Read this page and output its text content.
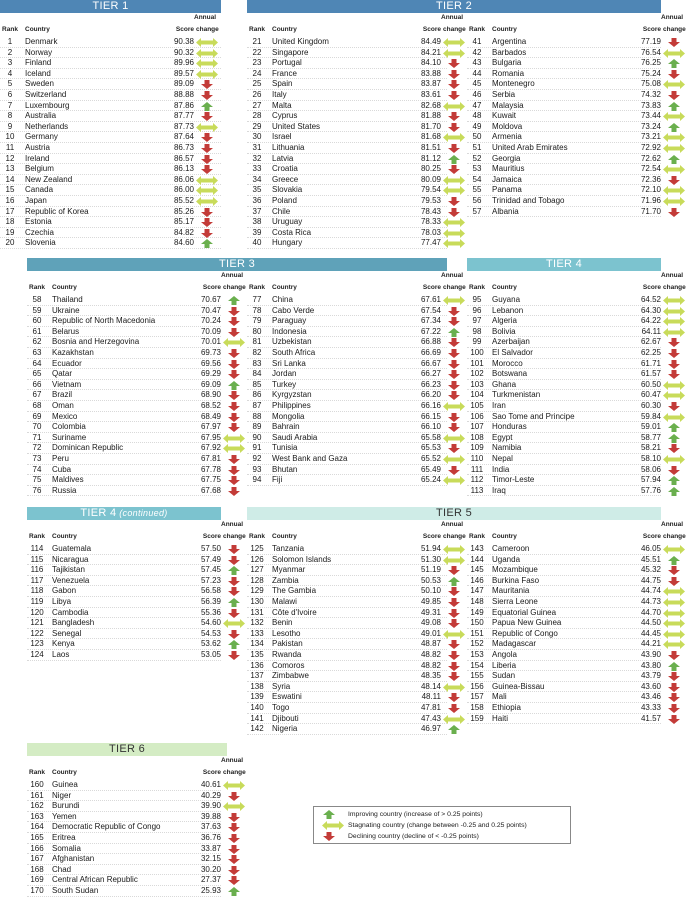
TIER 1
Annual
Rank	Country	Score change
1	Denmark	90.38
2	Norway	90.32
3	Finland	89.96
4	Iceland	89.57
5	Sweden	89.09
6	Switzerland	88.88
7	Luxembourg	87.86
8	Australia	87.77
9	Netherlands	87.73
10	Germany	87.64
11	Austria	86.73
12	Ireland	86.57
13	Belgium	86.13
14	New Zealand	86.06
15	Canada	86.00
16	Japan	85.52
17	Republic of Korea	85.26
18	Estonia	85.17
19	Czechia	84.82
20	Slovenia	84.60
TIER 2
Annual
Rank	Country	Score change
21	United Kingdom	84.49
22	Singapore	84.21
23	Portugal	84.10
24	France	83.88
25	Spain	83.87
26	Italy	83.61
27	Malta	82.68
28	Cyprus	81.88
29	United States	81.70
30	Israel	81.68
31	Lithuania	81.51
32	Latvia	81.12
33	Croatia	80.25
34	Greece	80.09
35	Slovakia	79.54
36	Poland	79.53
37	Chile	78.43
38	Uruguay	78.33
39	Costa Rica	78.03
40	Hungary	77.47
Annual
Rank	Country	Score change
41	Argentina	77.19
42	Barbados	76.54
43	Bulgaria	76.25
44	Romania	75.24
45	Montenegro	75.08
46	Serbia	74.32
47	Malaysia	73.83
48	Kuwait	73.44
49	Moldova	73.24
50	Armenia	73.21
51	United Arab Emirates	72.92
52	Georgia	72.62
53	Mauritius	72.54
54	Jamaica	72.36
55	Panama	72.10
56	Trinidad and Tobago	71.96
57	Albania	71.70
TIER 3
Annual
Rank	Country	Score change
58	Thailand	70.67
59	Ukraine	70.47
60	Republic of North Macedonia	70.24
61	Belarus	70.09
62	Bosnia and Herzegovina	70.01
63	Kazakhstan	69.73
64	Ecuador	69.56
65	Qatar	69.29
66	Vietnam	69.09
67	Brazil	68.90
68	Oman	68.52
69	Mexico	68.49
70	Colombia	67.97
71	Suriname	67.95
72	Dominican Republic	67.92
73	Peru	67.81
74	Cuba	67.78
75	Maldives	67.75
76	Russia	67.68
Annual
Rank	Country	Score change
77	China	67.61
78	Cabo Verde	67.54
79	Paraguay	67.34
80	Indonesia	67.22
81	Uzbekistan	66.88
82	South Africa	66.69
83	Sri Lanka	66.67
84	Jordan	66.27
85	Turkey	66.23
86	Kyrgyzstan	66.20
87	Philippines	66.16
88	Mongolia	66.15
89	Bahrain	66.10
90	Saudi Arabia	65.58
91	Tunisia	65.53
92	West Bank and Gaza	65.52
93	Bhutan	65.49
94	Fiji	65.24
TIER 4
Annual
Rank	Country	Score change
95	Guyana	64.52
96	Lebanon	64.30
97	Algeria	64.22
98	Bolivia	64.11
99	Azerbaijan	62.67
100	El Salvador	62.25
101	Morocco	61.71
102	Botswana	61.57
103	Ghana	60.50
104	Turkmenistan	60.47
105	Iran	60.30
106	Sao Tome and Principe	59.84
107	Honduras	59.01
108	Egypt	58.77
109	Namibia	58.21
110	Nepal	58.10
111	India	58.06
112	Timor-Leste	57.94
113	Iraq	57.76
TIER 4 (continued)
Annual
Rank	Country	Score change
114	Guatemala	57.50
115	Nicaragua	57.49
116	Tajikistan	57.45
117	Venezuela	57.23
118	Gabon	56.58
119	Libya	56.39
120	Cambodia	55.36
121	Bangladesh	54.60
122	Senegal	54.53
123	Kenya	53.62
124	Laos	53.05
TIER 5
Annual
Rank	Country	Score change
125	Tanzania	51.94
126	Solomon Islands	51.30
127	Myanmar	51.19
128	Zambia	50.53
129	The Gambia	50.10
130	Malawi	49.85
131	Côte d'Ivoire	49.31
132	Benin	49.08
133	Lesotho	49.01
134	Pakistan	48.87
135	Rwanda	48.82
136	Comoros	48.82
137	Zimbabwe	48.35
138	Syria	48.14
139	Eswatini	48.11
140	Togo	47.81
141	Djibouti	47.43
142	Nigeria	46.97
Annual
Rank	Country	Score change
143	Cameroon	46.05
144	Uganda	45.51
145	Mozambique	45.32
146	Burkina Faso	44.75
147	Mauritania	44.74
148	Sierra Leone	44.73
149	Equatorial Guinea	44.70
150	Papua New Guinea	44.50
151	Republic of Congo	44.45
152	Madagascar	44.21
153	Angola	43.90
154	Liberia	43.80
155	Sudan	43.79
156	Guinea-Bissau	43.60
157	Mali	43.46
158	Ethiopia	43.33
159	Haiti	41.57
TIER 6
Annual
Rank	Country	Score change
160	Guinea	40.61
161	Niger	40.29
162	Burundi	39.90
163	Yemen	39.88
164	Democratic Republic of Congo	37.63
165	Eritrea	36.76
166	Somalia	33.87
167	Afghanistan	32.15
168	Chad	30.20
169	Central African Republic	27.37
170	South Sudan	25.93
Improving country (increase of > 0.25 points)
Stagnating country (change between -0.25 and 0.25 points)
Declining country (decline of < -0.25 points)
